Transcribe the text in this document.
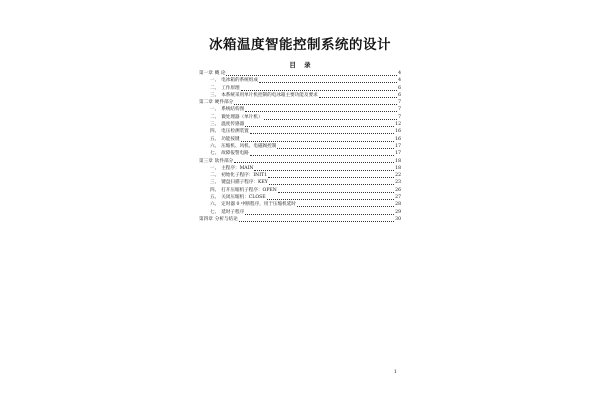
冰箱温度智能控制系统的设计
目 录
第一章 概 论	4
一、 电冰箱的系统组成	4
二、 工作原理	6
三、 本系统采用单片机控制的电冰箱主要功能及要求	6
第二章 硬件部分	7
一、 系统结构图	7
二、 微处理器（单片机）	7
三、 温度传感器	12
四、 电压检测装置	16
五、 功能按键	16
六、 压缩机、风机、电磁阀控制	17
七、 故障报警电路	17
第三章 软件部分	18
一、 主程序：MAIN	18
二、 初始化子程序：INIT1	22
三、 键盘扫描子程序：KEY	23
四、 打开压缩机子程序：OPEN	26
五、 关闭压缩机：CLOSE	27
六、 定时器 0 中断程序，用于压缩机延时	28
七、 延时子程序	29
第四章 分析与结论	30
1
